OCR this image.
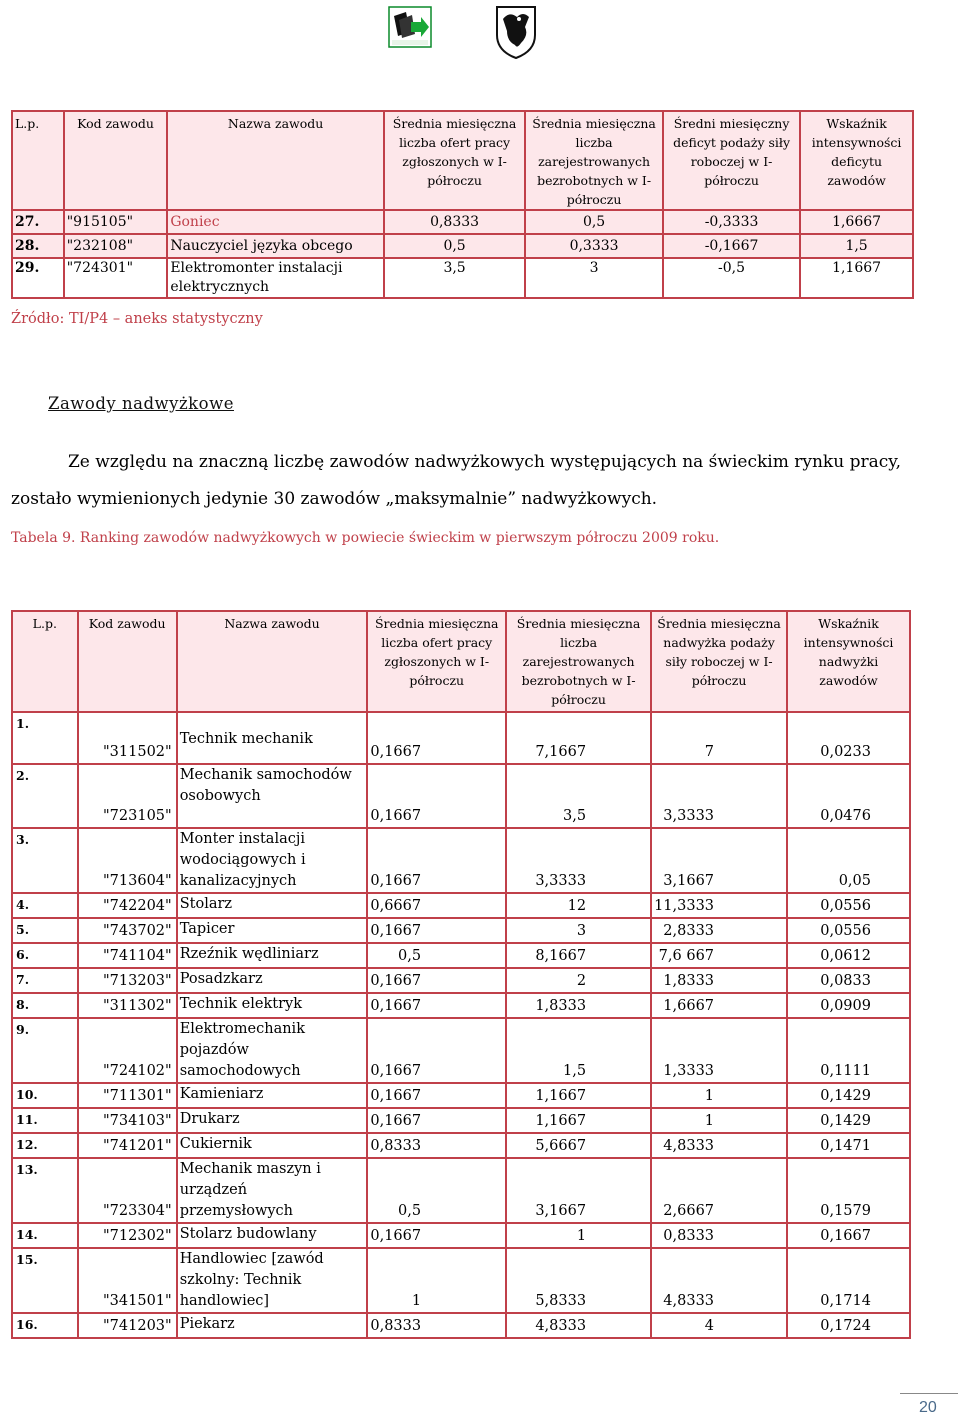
L.p.	Kod zawodu	Nazwa zawodu	Średnia miesięczna liczba ofert pracy zgłoszonych w I-półroczu	Średnia miesięczna liczba zarejestrowanych bezrobotnych w I-półroczu	Średni miesięczny deficyt podaży siły roboczej w I-półroczu	Wskaźnik intensywności deficytu zawodów
27.	"915105"	Goniec	0,8333	0,5	-0,3333	1,6667
28.	"232108"	Nauczyciel języka obcego	0,5	0,3333	-0,1667	1,5
29.	"724301"	Elektromonter instalacji elektrycznych	3,5	3	-0,5	1,1667
Źródło: TI/P4 – aneks statystyczny
Zawody nadwyżkowe
Ze względu na znaczną liczbę zawodów nadwyżkowych występujących na świeckim rynku pracy,
zostało wymienionych jedynie 30 zawodów „maksymalnie” nadwyżkowych.
Tabela 9. Ranking zawodów nadwyżkowych w powiecie świeckim w pierwszym półroczu 2009 roku.
L.p.	Kod zawodu	Nazwa zawodu	Średnia miesięczna liczba ofert pracy zgłoszonych w I-półroczu	Średnia miesięczna liczba zarejestrowanych bezrobotnych w I-półroczu	Średnia miesięczna nadwyżka podaży siły roboczej w I-półroczu	Wskaźnik intensywności nadwyżki zawodów
1.	"311502"	Technik mechanik	0,1667	7,1667	7	0,0233
2.	"723105"	Mechanik samochodów osobowych	0,1667	3,5	3,3333	0,0476
3.	"713604"	Monter instalacji wodociągowych i kanalizacyjnych	0,1667	3,3333	3,1667	0,05
4.	"742204"	Stolarz	0,6667	12	11,3333	0,0556
5.	"743702"	Tapicer	0,1667	3	2,8333	0,0556
6.	"741104"	Rzeźnik wędliniarz	0,5	8,1667	7,6 667	0,0612
7.	"713203"	Posadzkarz	0,1667	2	1,8333	0,0833
8.	"311302"	Technik elektryk	0,1667	1,8333	1,6667	0,0909
9.	"724102"	Elektromechanik pojazdów samochodowych	0,1667	1,5	1,3333	0,1111
10.	"711301"	Kamieniarz	0,1667	1,1667	1	0,1429
11.	"734103"	Drukarz	0,1667	1,1667	1	0,1429
12.	"741201"	Cukiernik	0,8333	5,6667	4,8333	0,1471
13.	"723304"	Mechanik maszyn i urządzeń przemysłowych	0,5	3,1667	2,6667	0,1579
14.	"712302"	Stolarz budowlany	0,1667	1	0,8333	0,1667
15.	"341501"	Handlowiec [zawód szkolny: Technik handlowiec]	1	5,8333	4,8333	0,1714
16.	"741203"	Piekarz	0,8333	4,8333	4	0,1724
20
